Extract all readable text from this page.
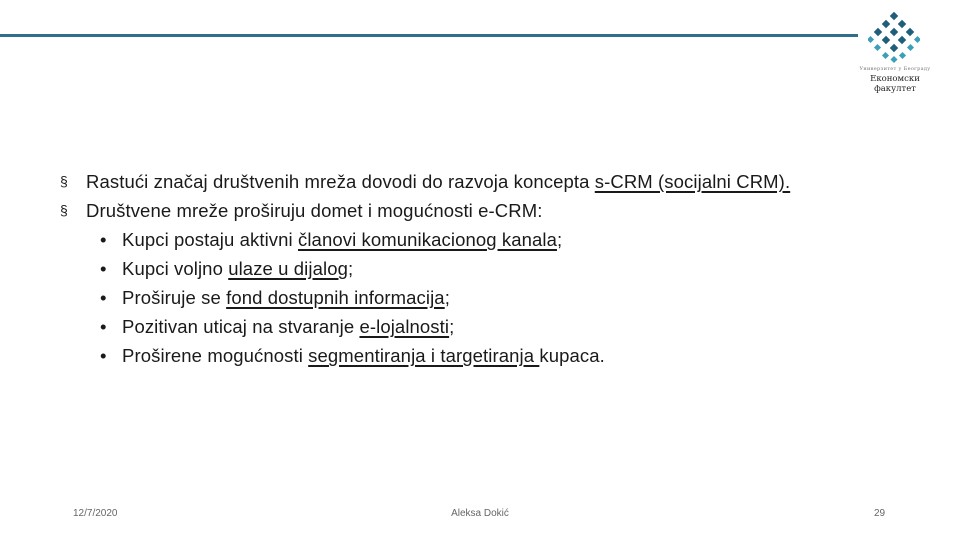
Универзитет у Београду
Економски факултет
§ Rastući značaj društvenih mreža dovodi do razvoja koncepta s-CRM (socijalni CRM).
§ Društvene mreže proširuju domet i mogućnosti e-CRM:
• Kupci postaju aktivni članovi komunikacionog kanala;
• Kupci voljno ulaze u dijalog;
• Proširuje se fond dostupnih informacija;
• Pozitivan uticaj na stvaranje e-lojalnosti;
• Proširene mogućnosti segmentiranja i targetiranja kupaca.
12/7/2020	Aleksa Dokić	29
